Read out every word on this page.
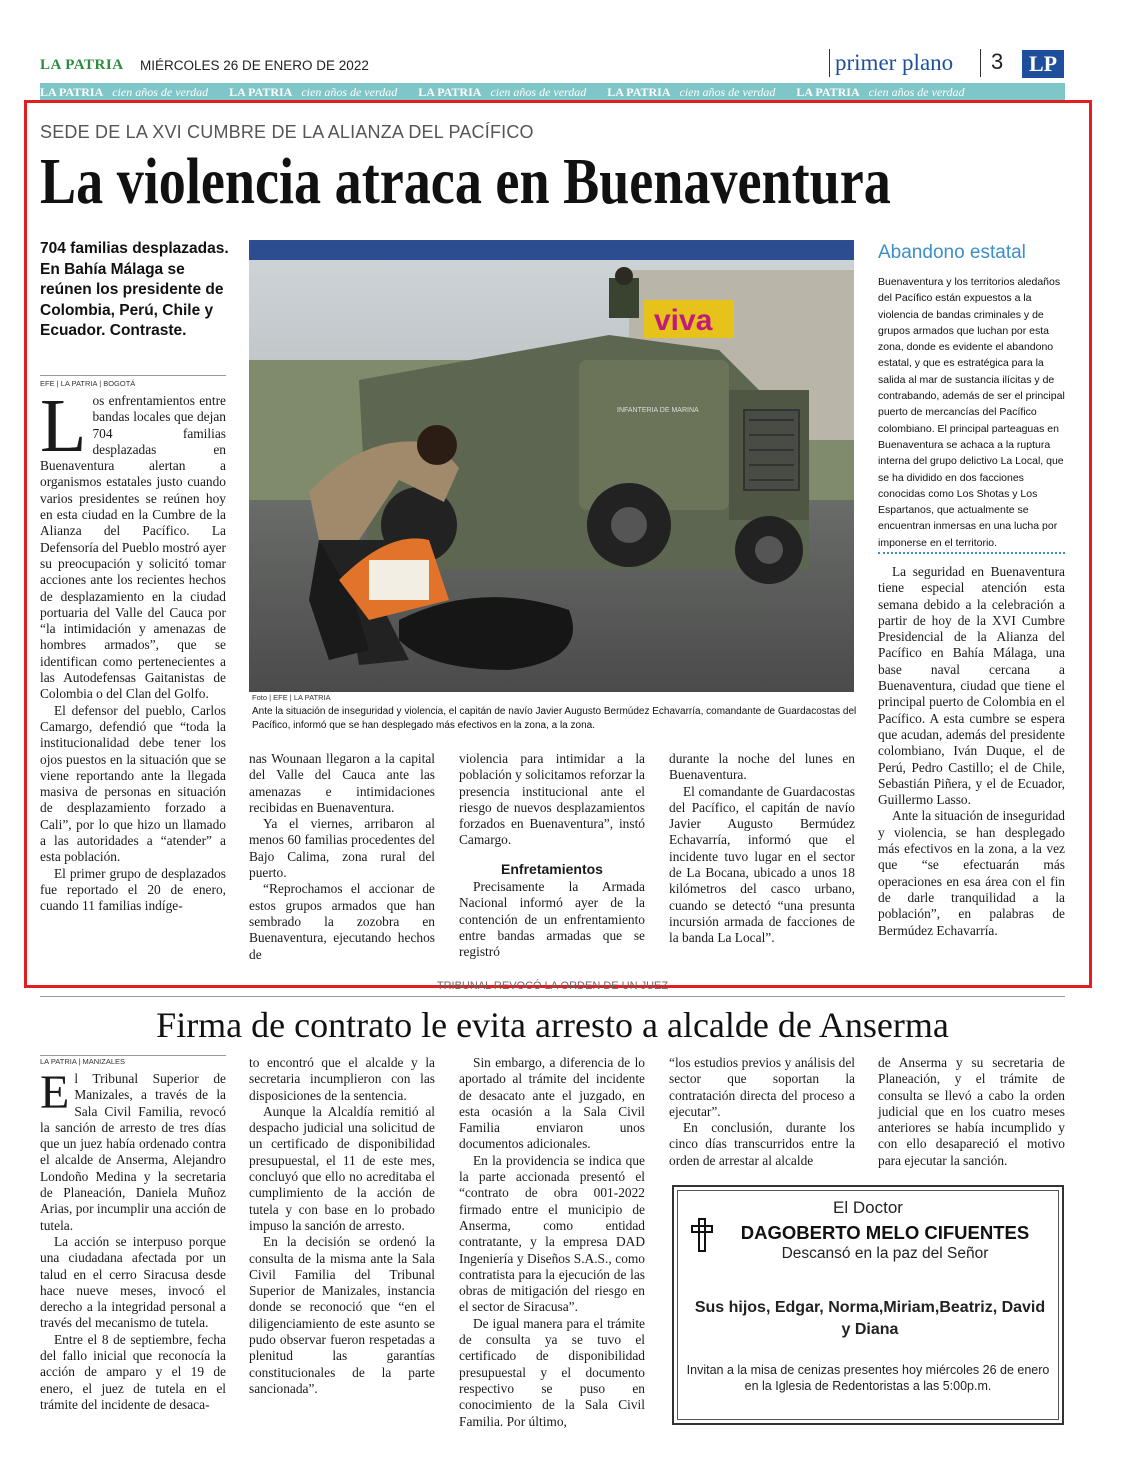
LA PATRIA MIÉRCOLES 26 DE ENERO DE 2022	primer plano 3	LP
LA PATRIA cien años de verdad LA PATRIA cien años de verdad LA PATRIA cien años de verdad LA PATRIA cien años de verdad LA PATRIA cien años de verdad
SEDE DE LA XVI CUMBRE DE LA ALIANZA DEL PACÍFICO
La violencia atraca en Buenaventura
704 familias desplazadas. En Bahía Málaga se reúnen los presidente de Colombia, Perú, Chile y Ecuador. Contraste.
EFE | LA PATRIA | BOGOTÁ
L os enfrentamientos entre bandas locales que dejan 704 familias desplazadas en Buenaventura alertan a organismos estatales justo cuando varios presidentes se reúnen hoy en esta ciudad en la Cumbre de la Alianza del Pacífico. La Defensoría del Pueblo mostró ayer su preocupación y solicitó tomar acciones ante los recientes hechos de desplazamiento en la ciudad portuaria del Valle del Cauca por “la intimidación y amenazas de hombres armados”, que se identifican como pertenecientes a las Autodefensas Gaitanistas de Colombia o del Clan del Golfo.

El defensor del pueblo, Carlos Camargo, defendió que “toda la institucionalidad debe tener los ojos puestos en la situación que se viene reportando ante la llegada masiva de personas en situación de desplazamiento forzado a Cali”, por lo que hizo un llamado a las autoridades a “atender” a esta población.

El primer grupo de desplazados fue reportado el 20 de enero, cuando 11 familias indíge-

viva
INFANTERIA DE MARINA
Foto | EFE | LA PATRIA
Ante la situación de inseguridad y violencia, el capitán de navío Javier Augusto Bermúdez Echavarría, comandante de Guardacostas del Pacífico, informó que se han desplegado más efectivos en la zona, a la zona.

nas Wounaan llegaron a la capital del Valle del Cauca ante las amenazas e intimidaciones recibidas en Buenaventura.

Ya el viernes, arribaron al menos 60 familias procedentes del Bajo Calima, zona rural del puerto.

“Reprochamos el accionar de estos grupos armados que han sembrado la zozobra en Buenaventura, ejecutando hechos de

violencia para intimidar a la población y solicitamos reforzar la presencia institucional ante el riesgo de nuevos desplazamientos forzados en Buenaventura”, instó Camargo.

Enfretamientos

Precisamente la Armada Nacional informó ayer de la contención de un enfrentamiento entre bandas armadas que se registró

durante la noche del lunes en Buenaventura.

El comandante de Guardacostas del Pacífico, el capitán de navío Javier Augusto Bermúdez Echavarría, informó que el incidente tuvo lugar en el sector de La Bocana, ubicado a unos 18 kilómetros del casco urbano, cuando se detectó “una presunta incursión armada de facciones de la banda La Local”.

Abandono estatal
Buenaventura y los territorios aledaños del Pacífico están expuestos a la violencia de bandas criminales y de grupos armados que luchan por esta zona, donde es evidente el abandono estatal, y que es estratégica para la salida al mar de sustancia ilícitas y de contrabando, además de ser el principal puerto de mercancías del Pacífico colombiano. El principal parteaguas en Buenaventura se achaca a la ruptura interna del grupo delictivo La Local, que se ha dividido en dos facciones conocidas como Los Shotas y Los Espartanos, que actualmente se encuentran inmersas en una lucha por imponerse en el territorio.

La seguridad en Buenaventura tiene especial atención esta semana debido a la celebración a partir de hoy de la XVI Cumbre Presidencial de la Alianza del Pacífico en Bahía Málaga, una base naval cercana a Buenaventura, ciudad que tiene el principal puerto de Colombia en el Pacífico. A esta cumbre se espera que acudan, además del presidente colombiano, Iván Duque, el de Perú, Pedro Castillo; el de Chile, Sebastián Piñera, y el de Ecuador, Guillermo Lasso.

Ante la situación de inseguridad y violencia, se han desplegado más efectivos en la zona, a la vez que “se efectuarán más operaciones en esa área con el fin de darle tranquilidad a la población”, en palabras de Bermúdez Echavarría.

TRIBUNAL REVOCÓ LA ORDEN DE UN JUEZ
Firma de contrato le evita arresto a alcalde de Anserma
LA PATRIA | MANIZALES
E l Tribunal Superior de Manizales, a través de la Sala Civil Familia, revocó la sanción de arresto de tres días que un juez había ordenado contra el alcalde de Anserma, Alejandro Londoño Medina y la secretaria de Planeación, Daniela Muñoz Arias, por incumplir una acción de tutela.

La acción se interpuso porque una ciudadana afectada por un talud en el cerro Siracusa desde hace nueve meses, invocó el derecho a la integridad personal a través del mecanismo de tutela.

Entre el 8 de septiembre, fecha del fallo inicial que reconocía la acción de amparo y el 19 de enero, el juez de tutela en el trámite del incidente de desaca-

to encontró que el alcalde y la secretaria incumplieron con las disposiciones de la sentencia.

Aunque la Alcaldía remitió al despacho judicial una solicitud de un certificado de disponibilidad presupuestal, el 11 de este mes, concluyó que ello no acreditaba el cumplimiento de la acción de tutela y con base en lo probado impuso la sanción de arresto.

En la decisión se ordenó la consulta de la misma ante la Sala Civil Familia del Tribunal Superior de Manizales, instancia donde se reconoció que “en el diligenciamiento de este asunto se pudo observar fueron respetadas a plenitud las garantías constitucionales de la parte sancionada”.

Sin embargo, a diferencia de lo aportado al trámite del incidente de desacato ante el juzgado, en esta ocasión a la Sala Civil Familia enviaron unos documentos adicionales.

En la providencia se indica que la parte accionada presentó el “contrato de obra 001-2022 firmado entre el municipio de Anserma, como entidad contratante, y la empresa DAD Ingeniería y Diseños S.A.S., como contratista para la ejecución de las obras de mitigación del riesgo en el sector de Siracusa”.

De igual manera para el trámite de consulta ya se tuvo el certificado de disponibilidad presupuestal y el documento respectivo se puso en conocimiento de la Sala Civil Familia. Por último,

“los estudios previos y análisis del sector que soportan la contratación directa del proceso a ejecutar”.

En conclusión, durante los cinco días transcurridos entre la orden de arrestar al alcalde

de Anserma y su secretaria de Planeación, y el trámite de consulta se llevó a cabo la orden judicial que en los cuatro meses anteriores se había incumplido y con ello desapareció el motivo para ejecutar la sanción.

El Doctor
DAGOBERTO MELO CIFUENTES
Descansó en la paz del Señor
Sus hijos, Edgar, Norma,Miriam,Beatriz, David y Diana
Invitan a la misa de cenizas presentes hoy miércoles 26 de enero en la Iglesia de Redentoristas a las 5:00p.m.
